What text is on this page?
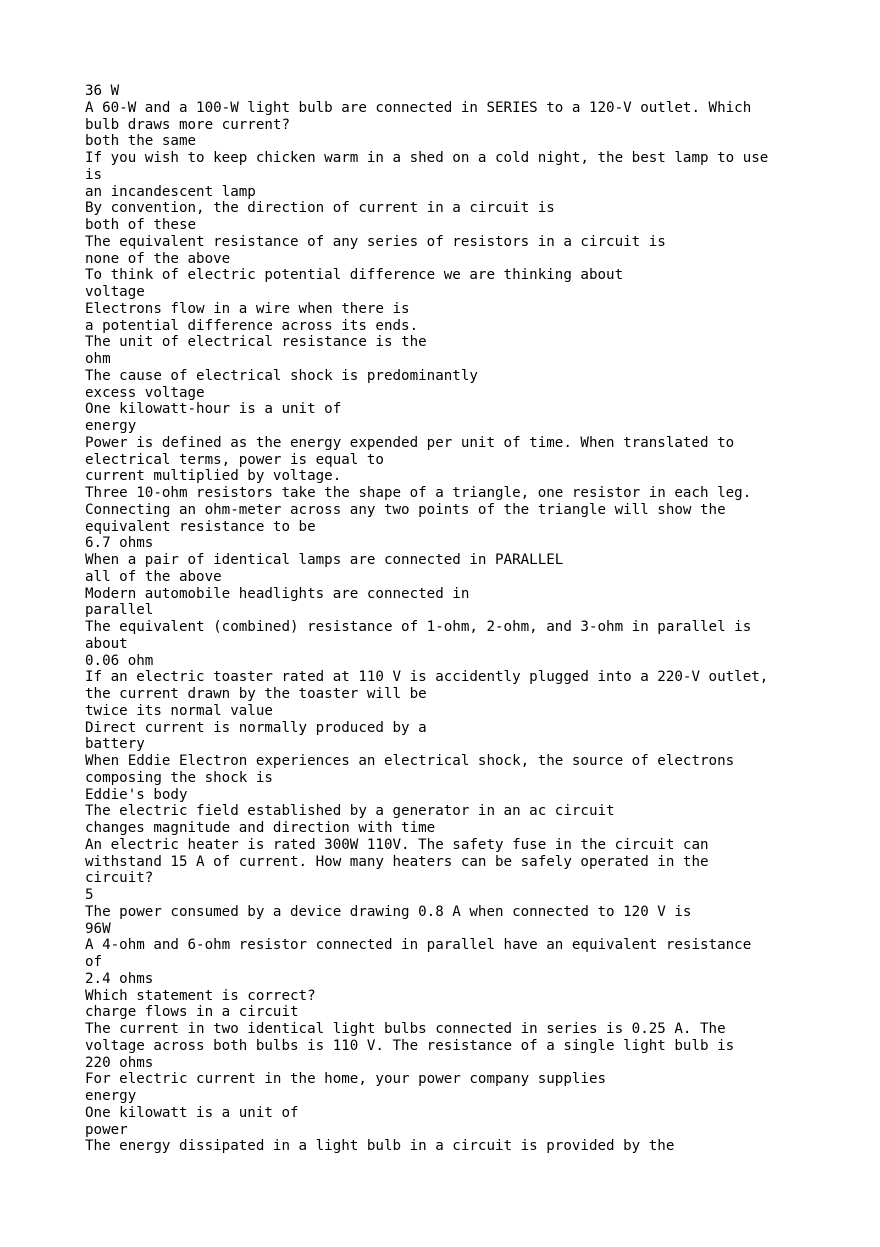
36 W
A 60-W and a 100-W light bulb are connected in SERIES to a 120-V outlet. Which
bulb draws more current?
both the same
If you wish to keep chicken warm in a shed on a cold night, the best lamp to use
is
an incandescent lamp
By convention, the direction of current in a circuit is
both of these
The equivalent resistance of any series of resistors in a circuit is
none of the above
To think of electric potential difference we are thinking about
voltage
Electrons flow in a wire when there is
a potential difference across its ends.
The unit of electrical resistance is the
ohm
The cause of electrical shock is predominantly
excess voltage
One kilowatt-hour is a unit of
energy
Power is defined as the energy expended per unit of time. When translated to
electrical terms, power is equal to
current multiplied by voltage.
Three 10-ohm resistors take the shape of a triangle, one resistor in each leg.
Connecting an ohm-meter across any two points of the triangle will show the
equivalent resistance to be
6.7 ohms
When a pair of identical lamps are connected in PARALLEL
all of the above
Modern automobile headlights are connected in
parallel
The equivalent (combined) resistance of 1-ohm, 2-ohm, and 3-ohm in parallel is
about
0.06 ohm
If an electric toaster rated at 110 V is accidently plugged into a 220-V outlet,
the current drawn by the toaster will be
twice its normal value
Direct current is normally produced by a
battery
When Eddie Electron experiences an electrical shock, the source of electrons
composing the shock is
Eddie's body
The electric field established by a generator in an ac circuit
changes magnitude and direction with time
An electric heater is rated 300W 110V. The safety fuse in the circuit can
withstand 15 A of current. How many heaters can be safely operated in the
circuit?
5
The power consumed by a device drawing 0.8 A when connected to 120 V is
96W
A 4-ohm and 6-ohm resistor connected in parallel have an equivalent resistance
of
2.4 ohms
Which statement is correct?
charge flows in a circuit
The current in two identical light bulbs connected in series is 0.25 A. The
voltage across both bulbs is 110 V. The resistance of a single light bulb is
220 ohms
For electric current in the home, your power company supplies
energy
One kilowatt is a unit of
power
The energy dissipated in a light bulb in a circuit is provided by the
